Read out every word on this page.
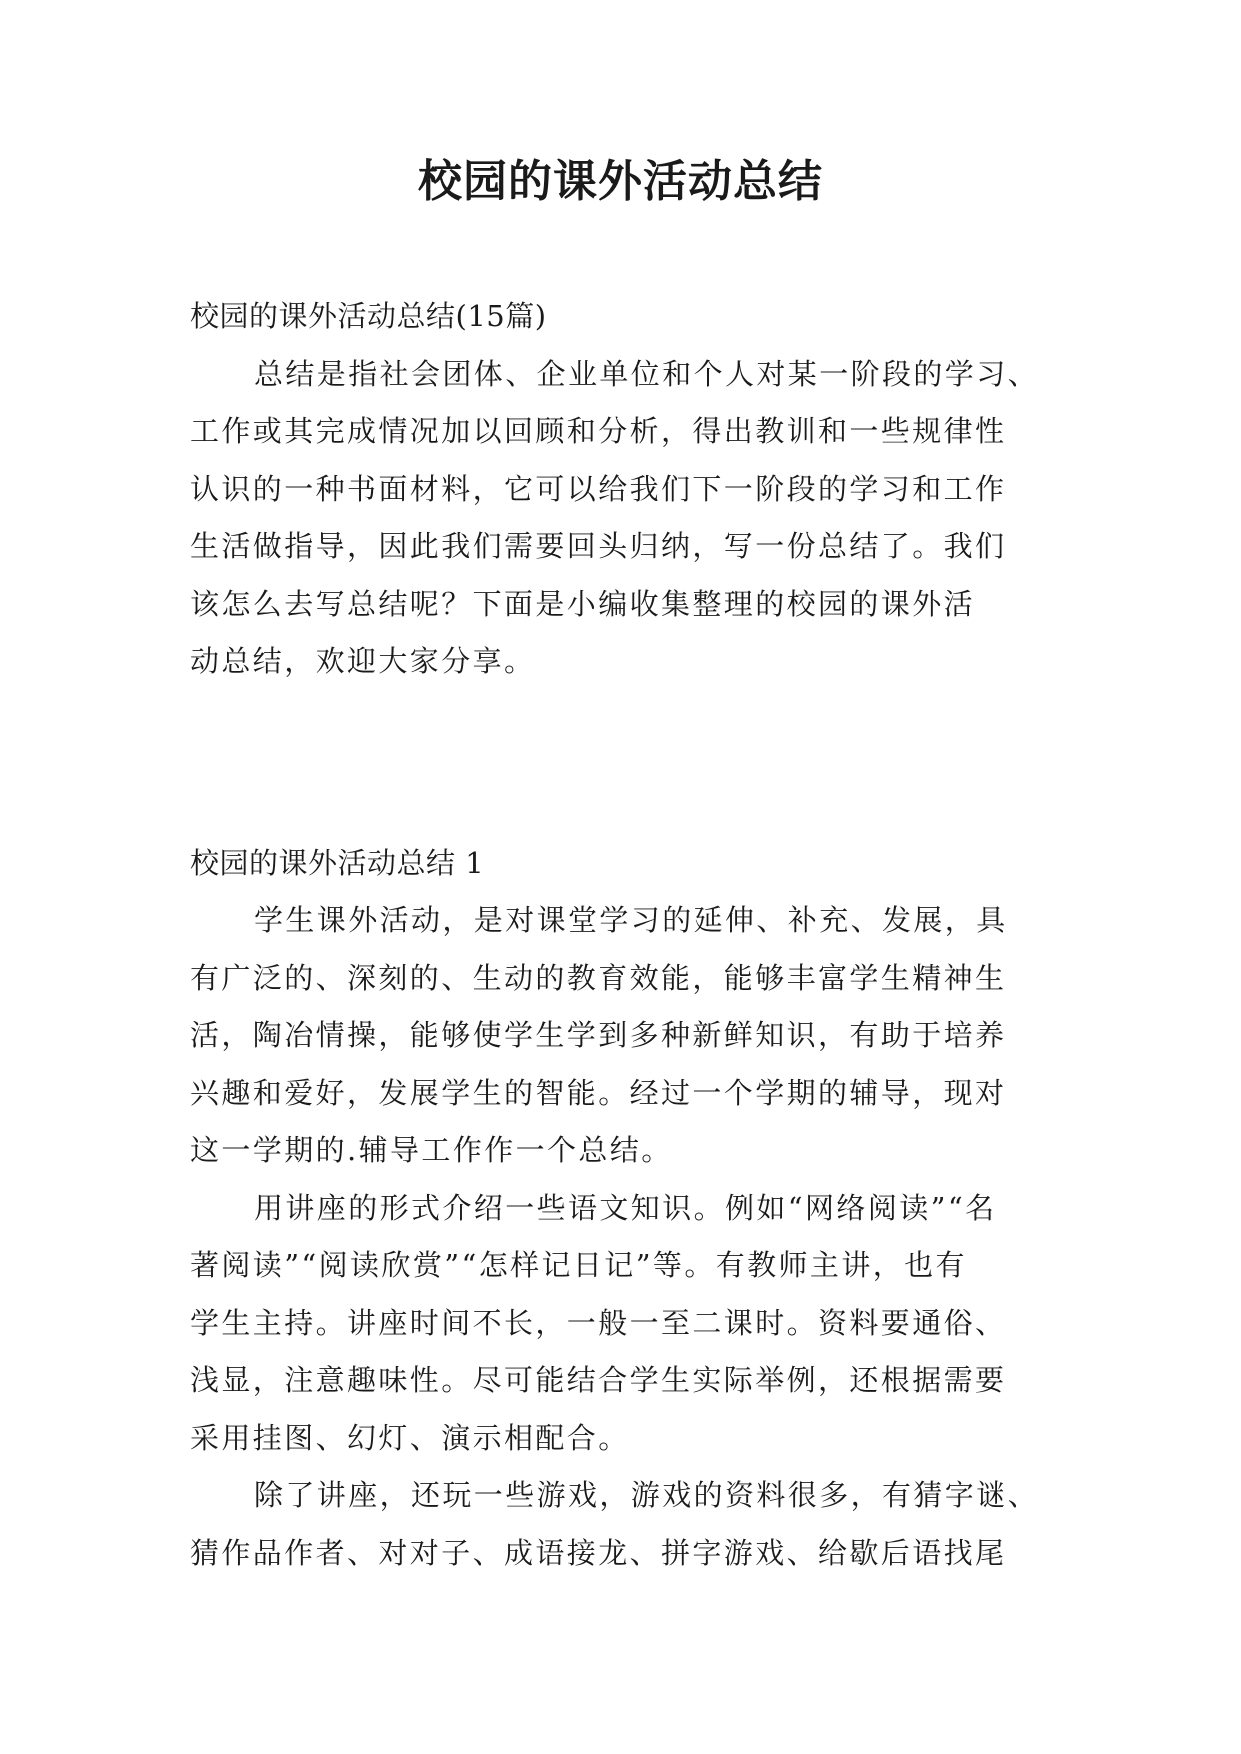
校园的课外活动总结

校园的课外活动总结(15篇)

总结是指社会团体、企业单位和个人对某一阶段的学习、

工作或其完成情况加以回顾和分析，得出教训和一些规律性

认识的一种书面材料，它可以给我们下一阶段的学习和工作

生活做指导，因此我们需要回头归纳，写一份总结了。我们

该怎么去写总结呢？下面是小编收集整理的校园的课外活

动总结，欢迎大家分享。

校园的课外活动总结 1

学生课外活动，是对课堂学习的延伸、补充、发展，具

有广泛的、深刻的、生动的教育效能，能够丰富学生精神生

活，陶冶情操，能够使学生学到多种新鲜知识，有助于培养

兴趣和爱好，发展学生的智能。经过一个学期的辅导，现对

这一学期的.辅导工作作一个总结。

用讲座的形式介绍一些语文知识。例如“网络阅读”“名

著阅读”“阅读欣赏”“怎样记日记”等。有教师主讲，也有

学生主持。讲座时间不长，一般一至二课时。资料要通俗、

浅显，注意趣味性。尽可能结合学生实际举例，还根据需要

采用挂图、幻灯、演示相配合。

除了讲座，还玩一些游戏，游戏的资料很多，有猜字谜、

猜作品作者、对对子、成语接龙、拼字游戏、给歇后语找尾
